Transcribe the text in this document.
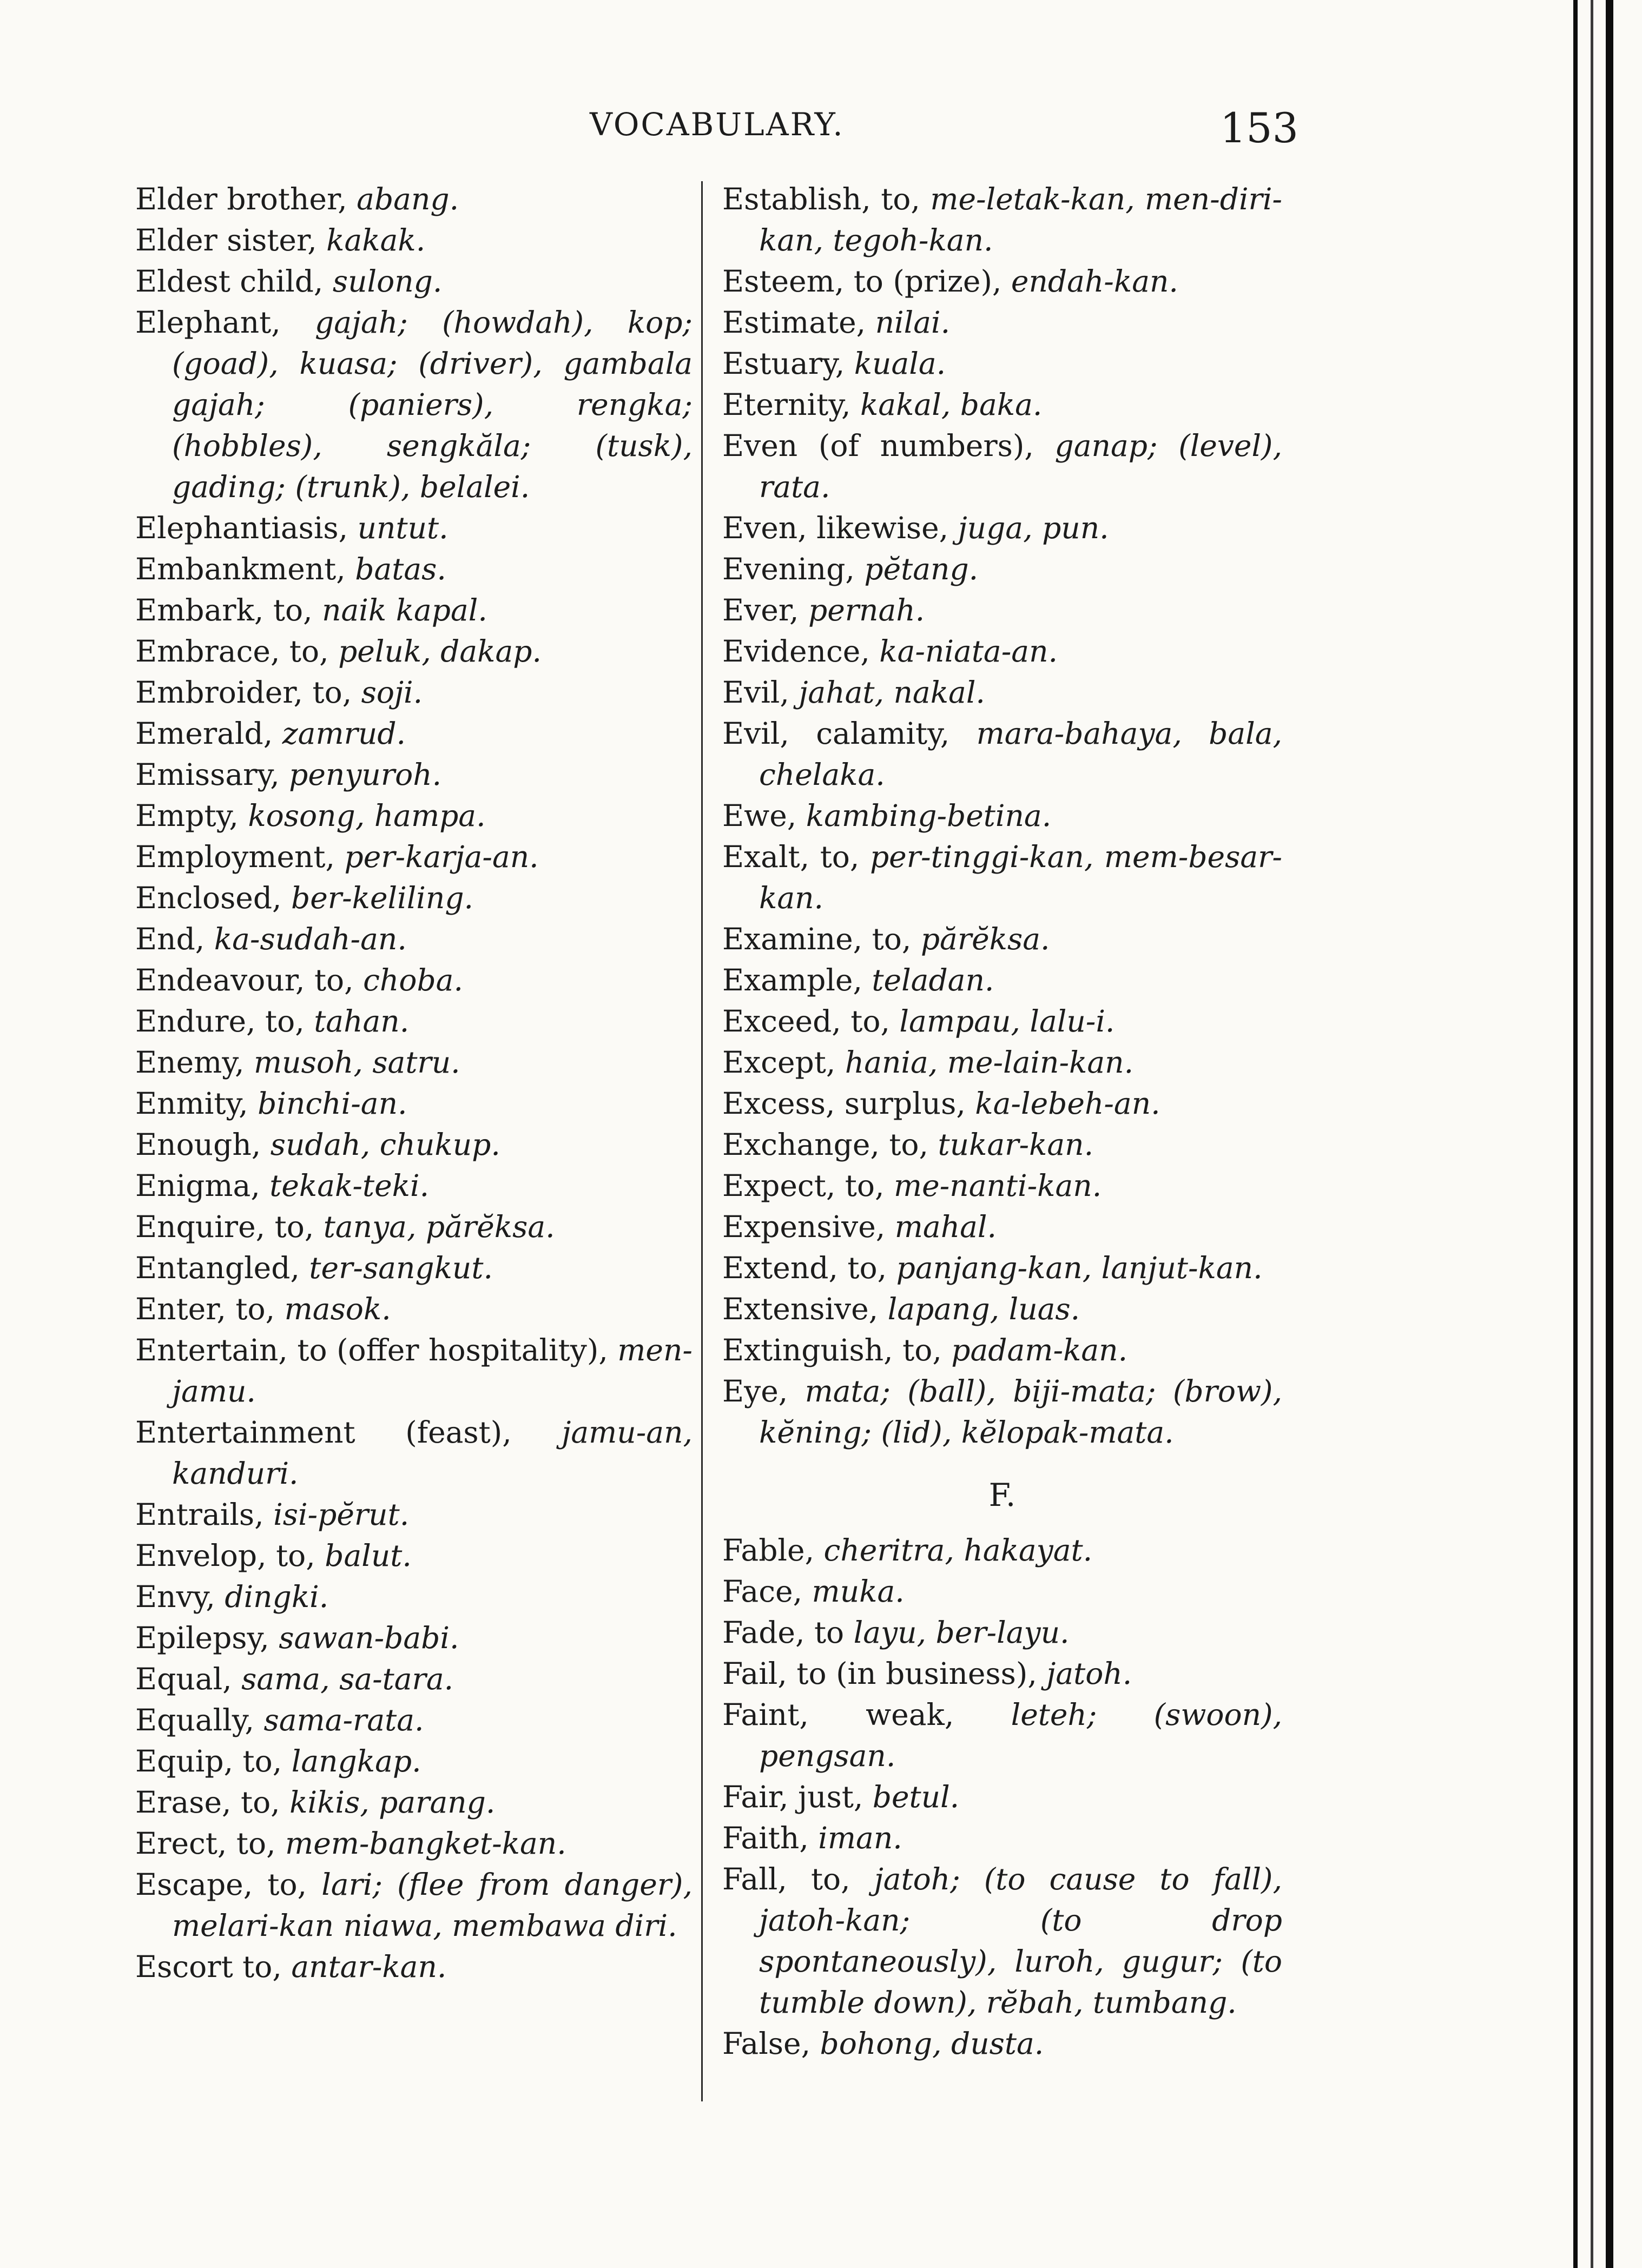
VOCABULARY.	153

Elder brother, abang.

Elder sister, kakak.

Eldest child, sulong.

Elephant, gajah; (howdah), kop; (goad), kuasa; (driver), gambala gajah; (paniers), rengka; (hobbles), sengkăla; (tusk), gading; (trunk), belalei.

Elephantiasis, untut.

Embankment, batas.

Embark, to, naik kapal.

Embrace, to, peluk, dakap.

Embroider, to, soji.

Emerald, zamrud.

Emissary, penyuroh.

Empty, kosong, hampa.

Employment, per-karja-an.

Enclosed, ber-keliling.

End, ka-sudah-an.

Endeavour, to, choba.

Endure, to, tahan.

Enemy, musoh, satru.

Enmity, binchi-an.

Enough, sudah, chukup.

Enigma, tekak-teki.

Enquire, to, tanya, părĕksa.

Entangled, ter-sangkut.

Enter, to, masok.

Entertain, to (offer hospitality), men-jamu.

Entertainment (feast), jamu-an, kanduri.

Entrails, isi-pĕrut.

Envelop, to, balut.

Envy, dingki.

Epilepsy, sawan-babi.

Equal, sama, sa-tara.

Equally, sama-rata.

Equip, to, langkap.

Erase, to, kikis, parang.

Erect, to, mem-bangket-kan.

Escape, to, lari; (flee from danger), melari-kan niawa, membawa diri.

Escort to, antar-kan.

Establish, to, me-letak-kan, men-diri-kan, tegoh-kan.

Esteem, to (prize), endah-kan.

Estimate, nilai.

Estuary, kuala.

Eternity, kakal, baka.

Even (of numbers), ganap; (level), rata.

Even, likewise, juga, pun.

Evening, pĕtang.

Ever, pernah.

Evidence, ka-niata-an.

Evil, jahat, nakal.

Evil, calamity, mara-bahaya, bala, chelaka.

Ewe, kambing-betina.

Exalt, to, per-tinggi-kan, mem-besar-kan.

Examine, to, părĕksa.

Example, teladan.

Exceed, to, lampau, lalu-i.

Except, hania, me-lain-kan.

Excess, surplus, ka-lebeh-an.

Exchange, to, tukar-kan.

Expect, to, me-nanti-kan.

Expensive, mahal.

Extend, to, panjang-kan, lanjut-kan.

Extensive, lapang, luas.

Extinguish, to, padam-kan.

Eye, mata; (ball), biji-mata; (brow), kĕning; (lid), kĕlopak-mata.

F.

Fable, cheritra, hakayat.

Face, muka.

Fade, to layu, ber-layu.

Fail, to (in business), jatoh.

Faint, weak, leteh; (swoon), pengsan.

Fair, just, betul.

Faith, iman.

Fall, to, jatoh; (to cause to fall), jatoh-kan; (to drop spontaneously), luroh, gugur; (to tumble down), rĕbah, tumbang.

False, bohong, dusta.
